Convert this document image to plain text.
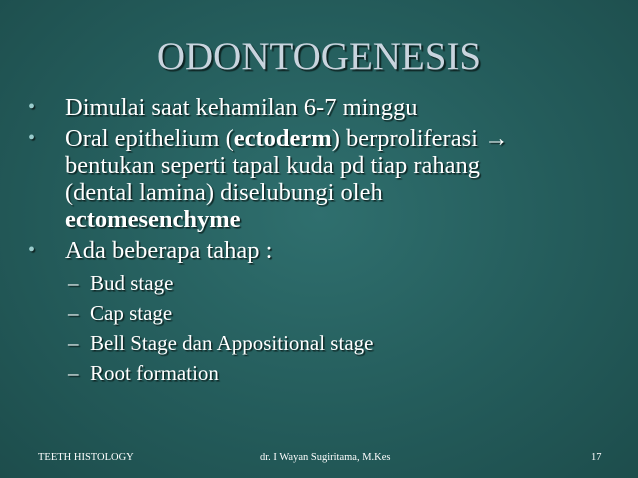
ODONTOGENESIS
• Dimulai saat kehamilan 6-7 minggu
• Oral epithelium (ectoderm) berproliferasi →
bentukan seperti tapal kuda pd tiap rahang
(dental lamina) diselubungi oleh
ectomesenchyme
• Ada beberapa tahap :
– Bud stage
– Cap stage
– Bell Stage dan Appositional stage
– Root formation
TEETH HISTOLOGY	dr. I Wayan Sugiritama, M.Kes	17
